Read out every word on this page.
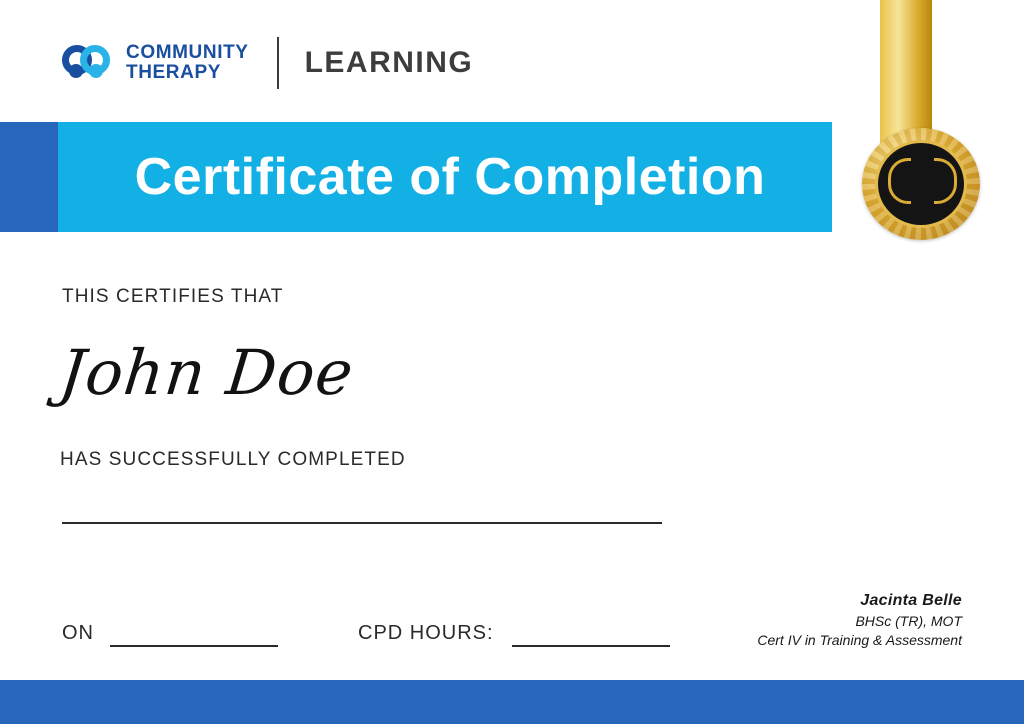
COMMUNITY
THERAPY	LEARNING
Certificate of Completion
THIS CERTIFIES THAT
John Doe
HAS SUCCESSFULLY COMPLETED
ON	CPD HOURS:
Jacinta Belle
BHSc (TR), MOT
Cert IV in Training & Assessment
